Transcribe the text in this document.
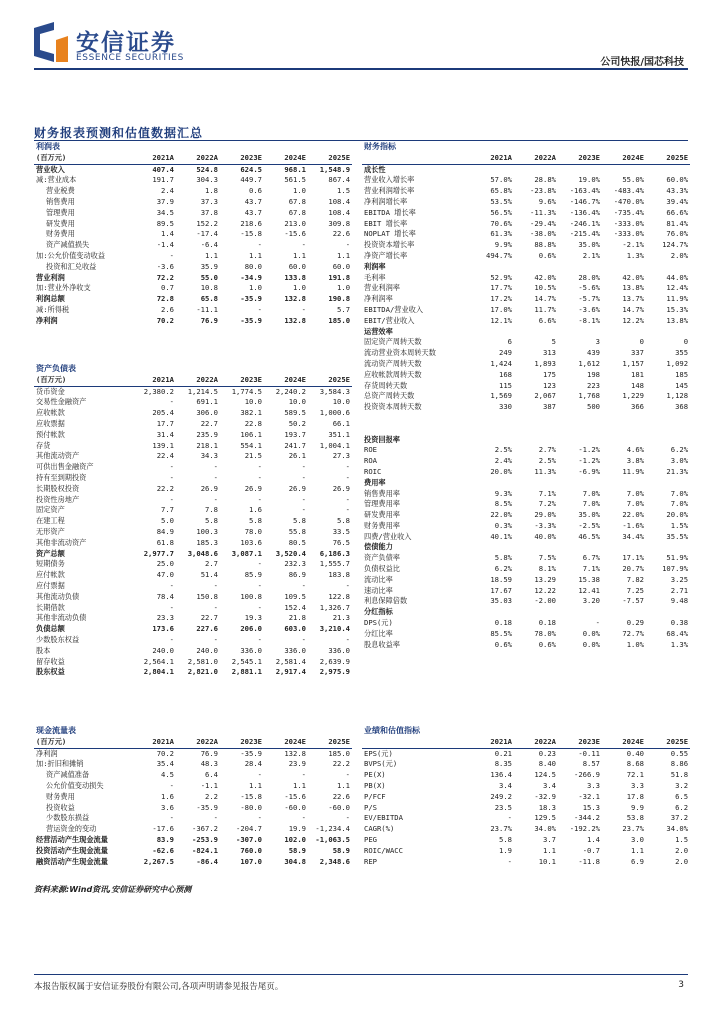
安信证券
ESSENCE SECURITIES	公司快报/国芯科技
财务报表预测和估值数据汇总
利润表					
(百万元)	2021A	2022A	2023E	2024E	2025E
营业收入	407.4	524.8	624.5	968.1	1,548.9
减:营业成本	191.7	304.3	449.7	561.5	867.4
营业税费	2.4	1.8	0.6	1.0	1.5
销售费用	37.9	37.3	43.7	67.8	108.4
管理费用	34.5	37.8	43.7	67.8	108.4
研发费用	89.5	152.2	218.6	213.0	309.8
财务费用	1.4	-17.4	-15.8	-15.6	22.6
资产减值损失	-1.4	-6.4	-	-	-
加:公允价值变动收益	-	1.1	1.1	1.1	1.1
投资和汇兑收益	-3.6	35.9	80.0	60.0	60.0
营业利润	72.2	55.0	-34.9	133.8	191.8
加:营业外净收支	0.7	10.8	1.0	1.0	1.0
利润总额	72.8	65.8	-35.9	132.8	190.8
减:所得税	2.6	-11.1	-	-	5.7
净利润	70.2	76.9	-35.9	132.8	185.0
资产负债表					
(百万元)	2021A	2022A	2023E	2024E	2025E
货币资金	2,380.2	1,214.5	1,774.5	2,240.2	3,584.3
交易性金融资产	-	691.1	10.0	10.0	10.0
应收帐款	205.4	306.0	382.1	589.5	1,000.6
应收票据	17.7	22.7	22.8	50.2	66.1
预付帐款	31.4	235.9	106.1	193.7	351.1
存货	139.1	218.1	554.1	241.7	1,004.1
其他流动资产	22.4	34.3	21.5	26.1	27.3
可供出售金融资产	-	-	-	-	-
持有至到期投资	-	-	-	-	-
长期股权投资	22.2	26.9	26.9	26.9	26.9
投资性房地产	-	-	-	-	-
固定资产	7.7	7.8	1.6	-	-
在建工程	5.0	5.8	5.8	5.8	5.8
无形资产	84.9	100.3	78.0	55.8	33.5
其他非流动资产	61.8	185.3	103.6	80.5	76.5
资产总额	2,977.7	3,048.6	3,087.1	3,520.4	6,186.3
短期债务	25.0	2.7	-	232.3	1,555.7
应付帐款	47.0	51.4	85.9	86.9	183.8
应付票据	-	-	-	-	-
其他流动负债	78.4	150.8	100.8	109.5	122.8
长期借款	-	-	-	152.4	1,326.7
其他非流动负债	23.3	22.7	19.3	21.8	21.3
负债总额	173.6	227.6	206.0	603.0	3,210.4
少数股东权益	-	-	-	-	-
股本	240.0	240.0	336.0	336.0	336.0
留存收益	2,564.1	2,581.0	2,545.1	2,581.4	2,639.9
股东权益	2,804.1	2,821.0	2,881.1	2,917.4	2,975.9
现金流量表					
(百万元)	2021A	2022A	2023E	2024E	2025E
净利润	70.2	76.9	-35.9	132.8	185.0
加:折旧和摊销	35.4	48.3	28.4	23.9	22.2
资产减值准备	4.5	6.4	-	-	-
公允价值变动损失	-	-1.1	1.1	1.1	1.1
财务费用	1.6	2.2	-15.8	-15.6	22.6
投资收益	3.6	-35.9	-80.0	-60.0	-60.0
少数股东损益	-	-	-	-	-
营运资金的变动	-17.6	-367.2	-204.7	19.9	-1,234.4
经营活动产生现金流量	83.9	-253.9	-307.0	102.0	-1,063.5
投资活动产生现金流量	-62.6	-824.1	760.0	58.9	58.9
融资活动产生现金流量	2,267.5	-86.4	107.0	304.8	2,348.6
财务指标					
	2021A	2022A	2023E	2024E	2025E
成长性					
营业收入增长率	57.0%	28.8%	19.0%	55.0%	60.0%
营业利润增长率	65.8%	-23.8%	-163.4%	-483.4%	43.3%
净利润增长率	53.5%	9.6%	-146.7%	-470.0%	39.4%
EBITDA 增长率	56.5%	-11.3%	-136.4%	-735.4%	66.6%
EBIT 增长率	70.6%	-29.4%	-246.1%	-333.0%	81.4%
NOPLAT 增长率	61.3%	-38.0%	-215.4%	-333.0%	76.0%
投资资本增长率	9.9%	88.8%	35.0%	-2.1%	124.7%
净资产增长率	494.7%	0.6%	2.1%	1.3%	2.0%
利润率					
毛利率	52.9%	42.0%	28.0%	42.0%	44.0%
营业利润率	17.7%	10.5%	-5.6%	13.8%	12.4%
净利润率	17.2%	14.7%	-5.7%	13.7%	11.9%
EBITDA/营业收入	17.0%	11.7%	-3.6%	14.7%	15.3%
EBIT/营业收入	12.1%	6.6%	-8.1%	12.2%	13.8%
运营效率					
固定资产周转天数	6	5	3	0	0
流动营业资本周转天数	249	313	439	337	355
流动资产周转天数	1,424	1,893	1,612	1,157	1,092
应收帐款周转天数	168	175	198	181	185
存货周转天数	115	123	223	148	145
总资产周转天数	1,569	2,067	1,768	1,229	1,128
投资资本周转天数	330	387	500	366	368

投资回报率					
ROE	2.5%	2.7%	-1.2%	4.6%	6.2%
ROA	2.4%	2.5%	-1.2%	3.8%	3.0%
ROIC	20.0%	11.3%	-6.9%	11.9%	21.3%
费用率					
销售费用率	9.3%	7.1%	7.0%	7.0%	7.0%
管理费用率	8.5%	7.2%	7.0%	7.0%	7.0%
研发费用率	22.0%	29.0%	35.0%	22.0%	20.0%
财务费用率	0.3%	-3.3%	-2.5%	-1.6%	1.5%
四费/营业收入	40.1%	40.0%	46.5%	34.4%	35.5%
偿债能力					
资产负债率	5.8%	7.5%	6.7%	17.1%	51.9%
负债权益比	6.2%	8.1%	7.1%	20.7%	107.9%
流动比率	18.59	13.29	15.38	7.82	3.25
速动比率	17.67	12.22	12.41	7.25	2.71
利息保障倍数	35.03	-2.00	3.20	-7.57	9.48
分红指标					
DPS(元)	0.18	0.18	-	0.29	0.38
分红比率	85.5%	78.0%	0.0%	72.7%	68.4%
股息收益率	0.6%	0.6%	0.0%	1.0%	1.3%
业绩和估值指标					
	2021A	2022A	2023E	2024E	2025E
EPS(元)	0.21	0.23	-0.11	0.40	0.55
BVPS(元)	8.35	8.40	8.57	8.68	8.86
PE(X)	136.4	124.5	-266.9	72.1	51.8
PB(X)	3.4	3.4	3.3	3.3	3.2
P/FCF	249.2	-32.9	-32.1	17.8	6.5
P/S	23.5	18.3	15.3	9.9	6.2
EV/EBITDA	-	129.5	-344.2	53.8	37.2
CAGR(%)	23.7%	34.0%	-192.2%	23.7%	34.0%
PEG	5.8	3.7	1.4	3.0	1.5
ROIC/WACC	1.9	1.1	-0.7	1.1	2.0
REP	-	10.1	-11.8	6.9	2.0
资料来源:Wind资讯,安信证券研究中心预测
本报告版权属于安信证券股份有限公司,各项声明请参见报告尾页。	3
